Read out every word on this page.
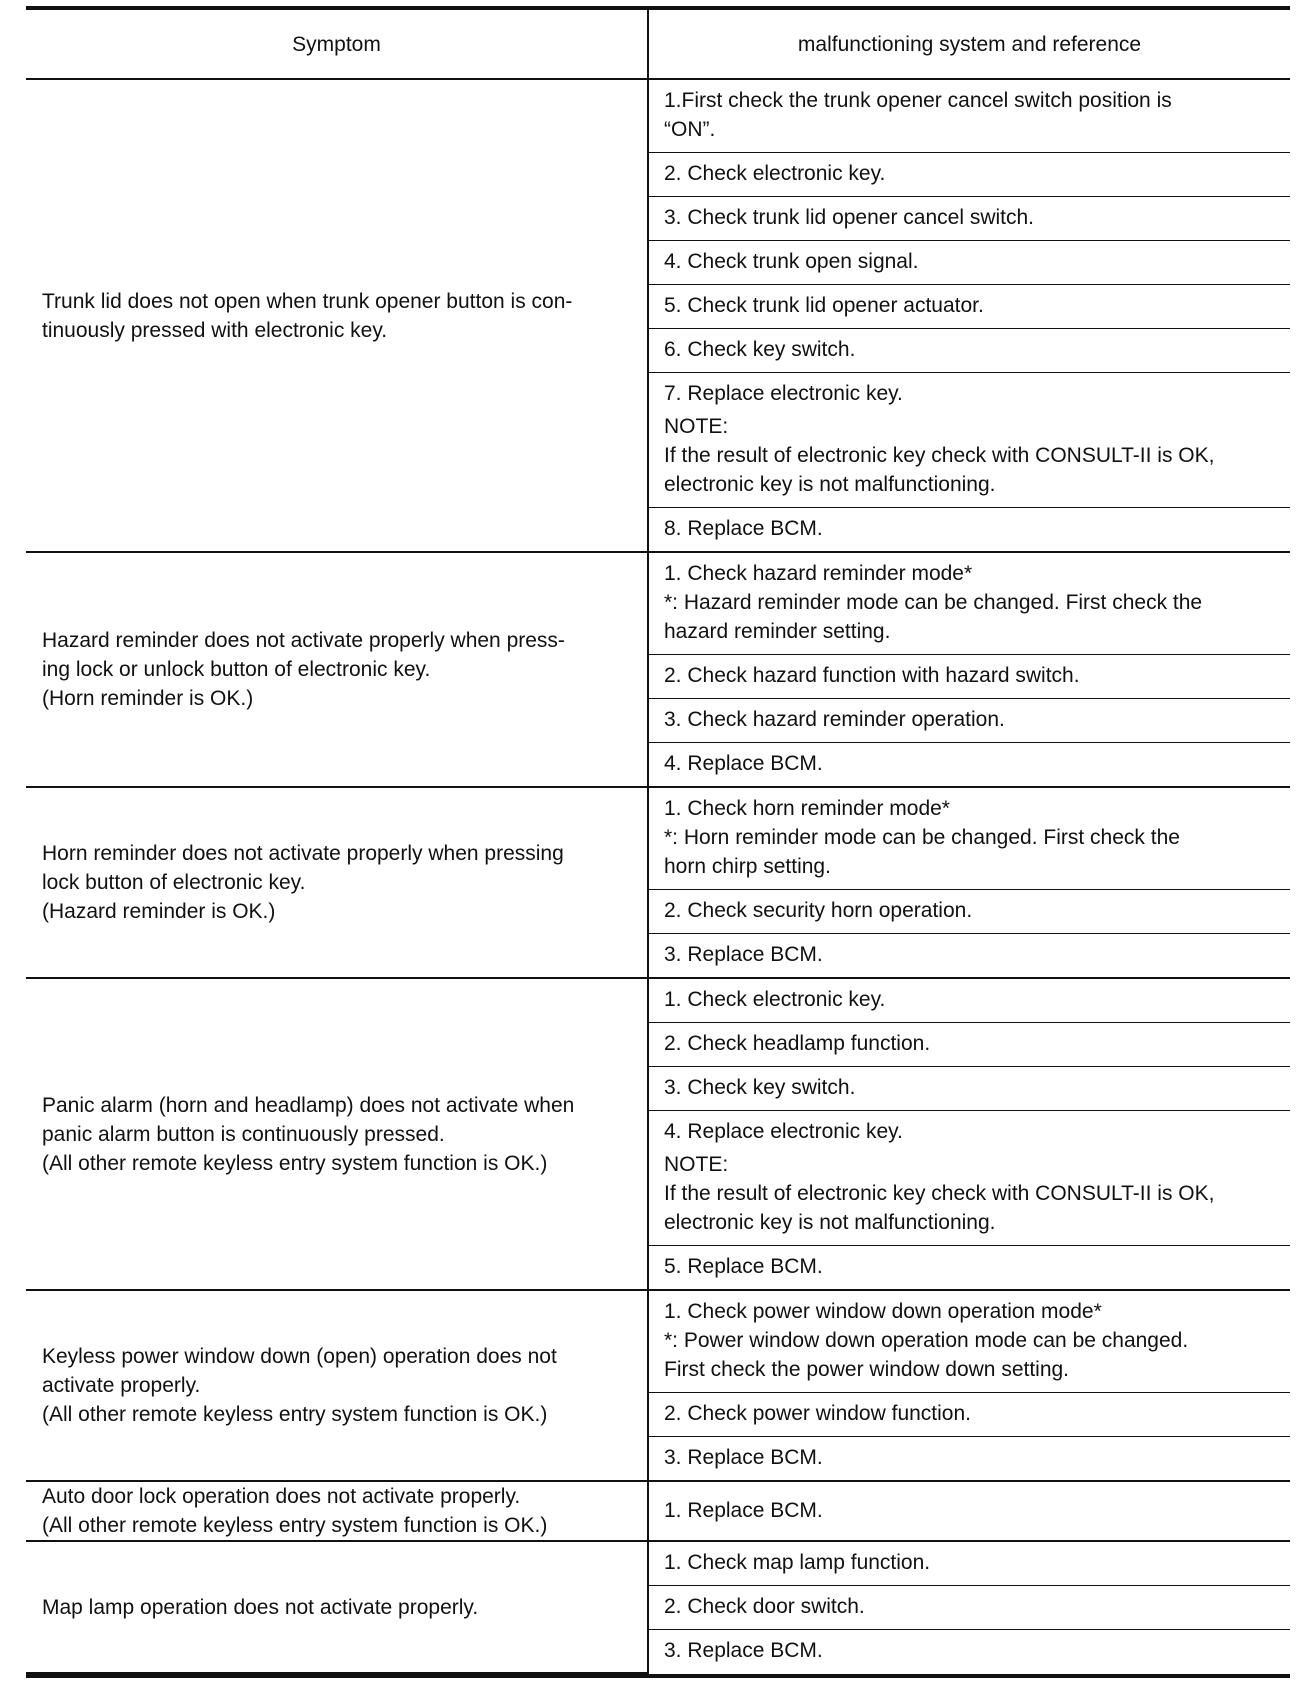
Symptom	malfunctioning system and reference

Trunk lid does not open when trunk opener button is con-
tinuously pressed with electronic key.	1.First check the trunk opener cancel switch position is
“ON”.

	2. Check electronic key.

	3. Check trunk lid opener cancel switch.

	4. Check trunk open signal.

	5. Check trunk lid opener actuator.

	6. Check key switch.

	7. Replace electronic key.
NOTE:
If the result of electronic key check with CONSULT-II is OK,
electronic key is not malfunctioning.

	8. Replace BCM.

Hazard reminder does not activate properly when press-
ing lock or unlock button of electronic key.
(Horn reminder is OK.)	1. Check hazard reminder mode*
*: Hazard reminder mode can be changed. First check the
hazard reminder setting.

	2. Check hazard function with hazard switch.

	3. Check hazard reminder operation.

	4. Replace BCM.

Horn reminder does not activate properly when pressing
lock button of electronic key.
(Hazard reminder is OK.)	1. Check horn reminder mode*
*: Horn reminder mode can be changed. First check the
horn chirp setting.

	2. Check security horn operation.

	3. Replace BCM.

Panic alarm (horn and headlamp) does not activate when
panic alarm button is continuously pressed.
(All other remote keyless entry system function is OK.)	1. Check electronic key.

	2. Check headlamp function.

	3. Check key switch.

	4. Replace electronic key.
NOTE:
If the result of electronic key check with CONSULT-II is OK,
electronic key is not malfunctioning.

	5. Replace BCM.

Keyless power window down (open) operation does not
activate properly.
(All other remote keyless entry system function is OK.)	1. Check power window down operation mode*
*: Power window down operation mode can be changed.
First check the power window down setting.

	2. Check power window function.

	3. Replace BCM.

Auto door lock operation does not activate properly.
(All other remote keyless entry system function is OK.)	1. Replace BCM.

Map lamp operation does not activate properly.	1. Check map lamp function.

	2. Check door switch.

	3. Replace BCM.
